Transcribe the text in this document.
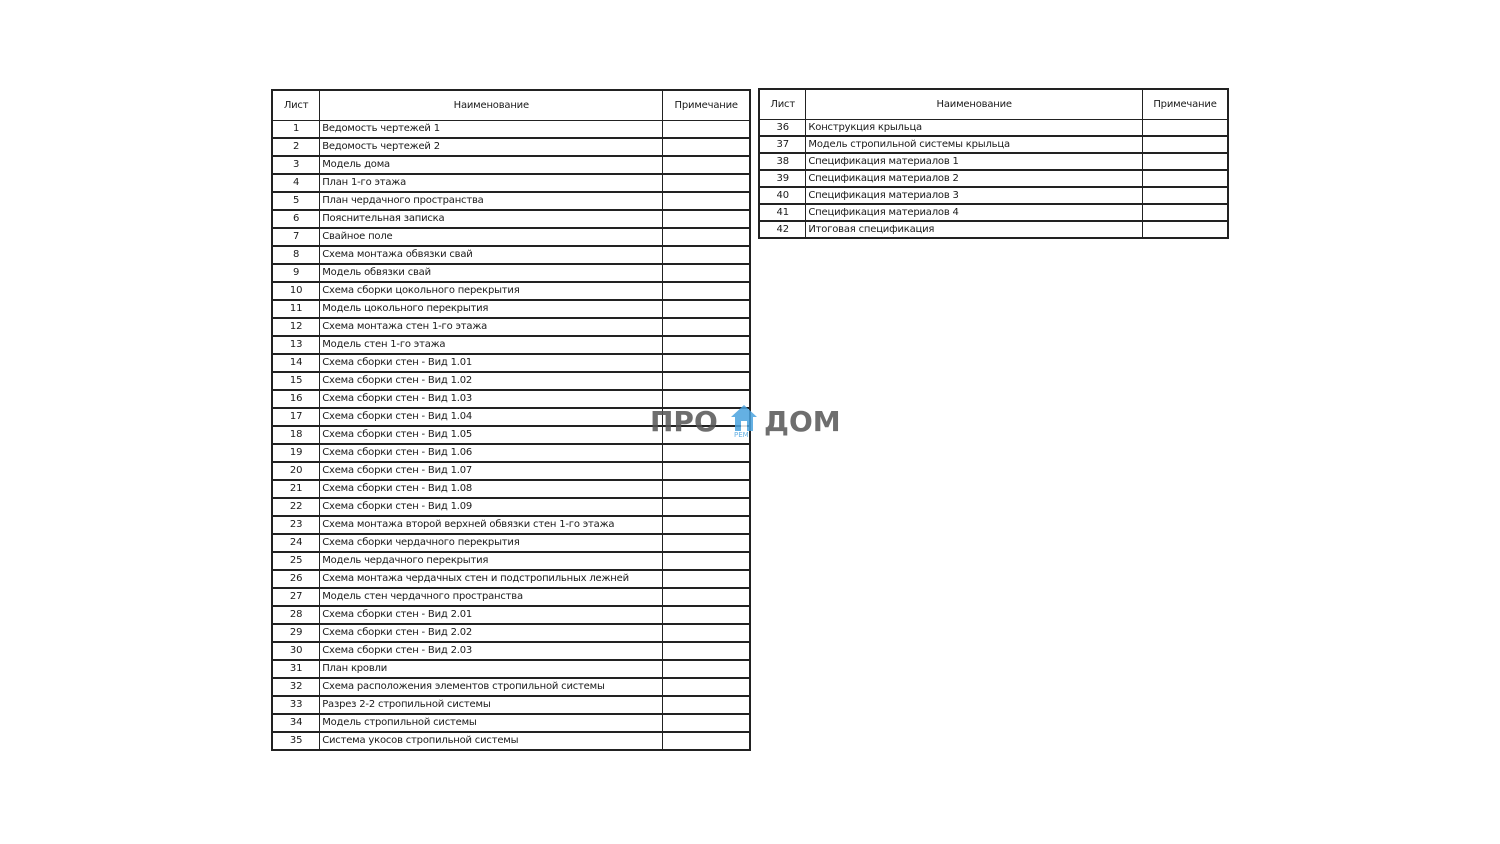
Лист	Наименование	Примечание
1	Ведомость чертежей 1	
2	Ведомость чертежей 2	
3	Модель дома	
4	План 1-го этажа	
5	План чердачного пространства	
6	Пояснительная записка	
7	Свайное поле	
8	Схема монтажа обвязки свай	
9	Модель обвязки свай	
10	Схема сборки цокольного перекрытия	
11	Модель цокольного перекрытия	
12	Схема монтажа стен 1-го этажа	
13	Модель стен 1-го этажа	
14	Схема сборки стен - Вид 1.01	
15	Схема сборки стен - Вид 1.02	
16	Схема сборки стен - Вид 1.03	
17	Схема сборки стен - Вид 1.04	
18	Схема сборки стен - Вид 1.05	
19	Схема сборки стен - Вид 1.06	
20	Схема сборки стен - Вид 1.07	
21	Схема сборки стен - Вид 1.08	
22	Схема сборки стен - Вид 1.09	
23	Схема монтажа второй верхней обвязки стен 1-го этажа	
24	Схема сборки чердачного перекрытия	
25	Модель чердачного перекрытия	
26	Схема монтажа чердачных стен и подстропильных лежней	
27	Модель стен чердачного пространства	
28	Схема сборки стен - Вид 2.01	
29	Схема сборки стен - Вид 2.02	
30	Схема сборки стен - Вид 2.03	
31	План кровли	
32	Схема расположения элементов стропильной системы	
33	Разрез 2-2 стропильной системы	
34	Модель стропильной системы	
35	Система укосов стропильной системы	
Лист	Наименование	Примечание
36	Конструкция крыльца	
37	Модель стропильной системы крыльца	
38	Спецификация материалов 1	
39	Спецификация материалов 2	
40	Спецификация материалов 3	
41	Спецификация материалов 4	
42	Итоговая спецификация	
ПРО РЕМ ДОМ
